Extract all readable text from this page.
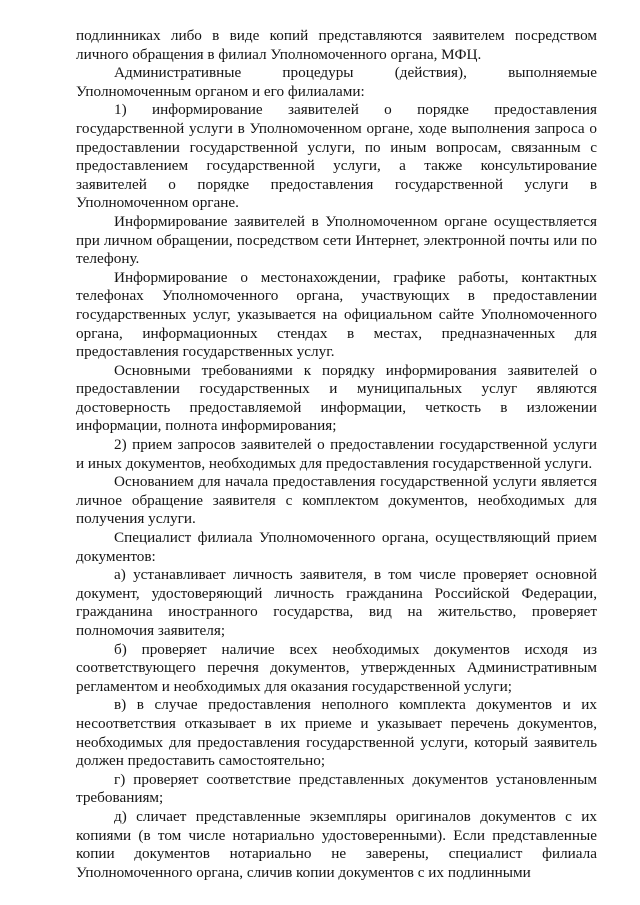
подлинниках либо в виде копий представляются заявителем посредством личного обращения в филиал Уполномоченного органа, МФЦ.

Административные процедуры (действия), выполняемые Уполномоченным органом и его филиалами:

1) информирование заявителей о порядке предоставления государственной услуги в Уполномоченном органе, ходе выполнения запроса о предоставлении государственной услуги, по иным вопросам, связанным с предоставлением государственной услуги, а также консультирование заявителей о порядке предоставления государственной услуги в Уполномоченном органе.

Информирование заявителей в Уполномоченном органе осуществляется при личном обращении, посредством сети Интернет, электронной почты или по телефону.

Информирование о местонахождении, графике работы, контактных телефонах Уполномоченного органа, участвующих в предоставлении государственных услуг, указывается на официальном сайте Уполномоченного органа, информационных стендах в местах, предназначенных для предоставления государственных услуг.

Основными требованиями к порядку информирования заявителей о предоставлении государственных и муниципальных услуг являются достоверность предоставляемой информации, четкость в изложении информации, полнота информирования;

2) прием запросов заявителей о предоставлении государственной услуги и иных документов, необходимых для предоставления государственной услуги.

Основанием для начала предоставления государственной услуги является личное обращение заявителя с комплектом документов, необходимых для получения услуги.

Специалист филиала Уполномоченного органа, осуществляющий прием документов:

а) устанавливает личность заявителя, в том числе проверяет основной документ, удостоверяющий личность гражданина Российской Федерации, гражданина иностранного государства, вид на жительство, проверяет полномочия заявителя;

б) проверяет наличие всех необходимых документов исходя из соответствующего перечня документов, утвержденных Административным регламентом и необходимых для оказания государственной услуги;

в) в случае предоставления неполного комплекта документов и их несоответствия отказывает в их приеме и указывает перечень документов, необходимых для предоставления государственной услуги, который заявитель должен предоставить самостоятельно;

г) проверяет соответствие представленных документов установленным требованиям;

д) сличает представленные экземпляры оригиналов документов с их копиями (в том числе нотариально удостоверенными). Если представленные копии документов нотариально не заверены, специалист филиала Уполномоченного органа, сличив копии документов с их подлинными
